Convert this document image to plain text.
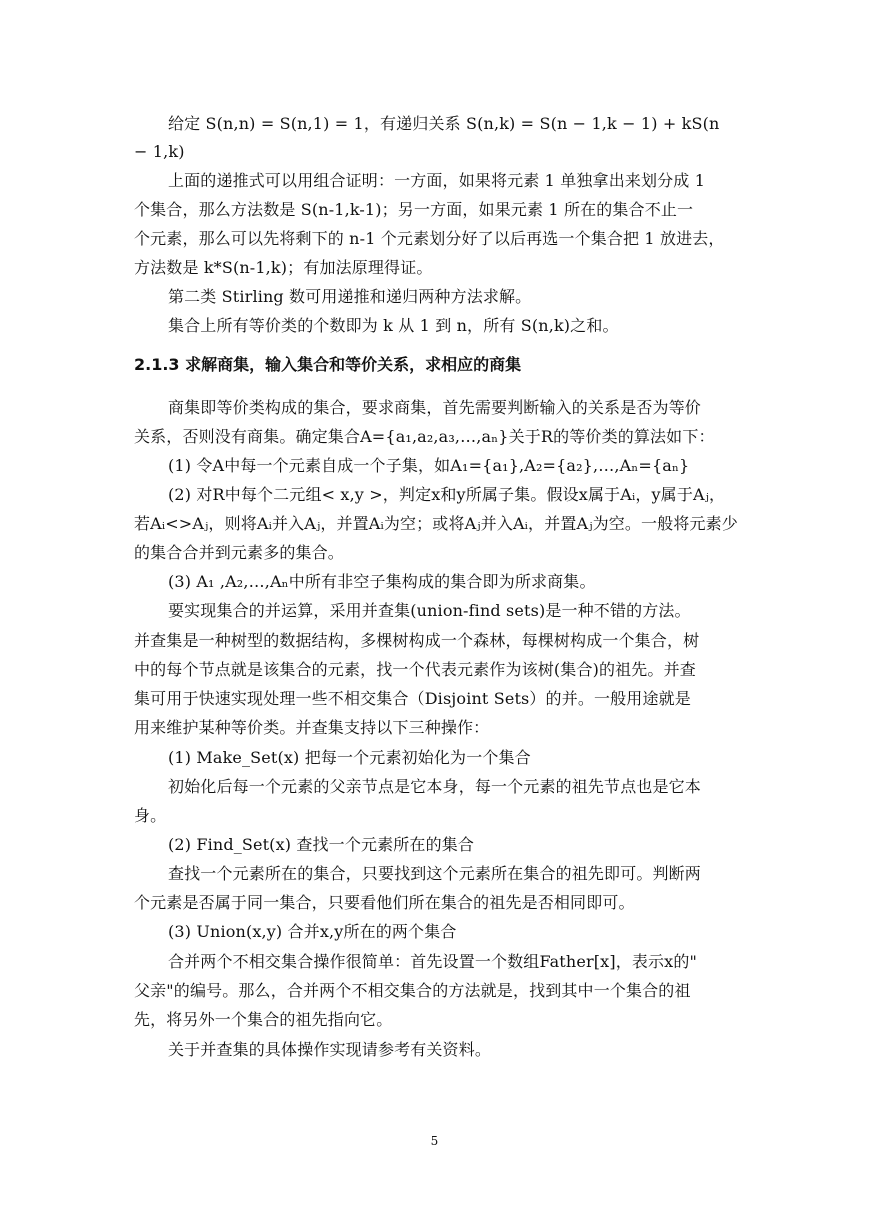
给定 S(n,n) = S(n,1) = 1，有递归关系 S(n,k) = S(n − 1,k − 1) + kS(n
− 1,k)
上面的递推式可以用组合证明：一方面，如果将元素 1 单独拿出来划分成 1
个集合，那么方法数是 S(n-1,k-1)；另一方面，如果元素 1 所在的集合不止一
个元素，那么可以先将剩下的 n-1 个元素划分好了以后再选一个集合把 1 放进去，
方法数是 k*S(n-1,k)；有加法原理得证。
第二类 Stirling 数可用递推和递归两种方法求解。
集合上所有等价类的个数即为 k 从 1 到 n，所有 S(n,k)之和。
2.1.3 求解商集，输入集合和等价关系，求相应的商集
商集即等价类构成的集合，要求商集，首先需要判断输入的关系是否为等价
关系，否则没有商集。确定集合A={a₁,a₂,a₃,…,aₙ}关于R的等价类的算法如下：
(1) 令A中每一个元素自成一个子集，如A₁={a₁},A₂={a₂},…,Aₙ={aₙ}
(2) 对R中每个二元组< x,y >，判定x和y所属子集。假设x属于Aᵢ，y属于Aⱼ，
若Aᵢ<>Aⱼ，则将Aᵢ并入Aⱼ，并置Aᵢ为空；或将Aⱼ并入Aᵢ，并置Aⱼ为空。一般将元素少
的集合合并到元素多的集合。
(3) A₁ ,A₂,…,Aₙ中所有非空子集构成的集合即为所求商集。
要实现集合的并运算，采用并查集(union-find sets)是一种不错的方法。
并查集是一种树型的数据结构，多棵树构成一个森林，每棵树构成一个集合，树
中的每个节点就是该集合的元素，找一个代表元素作为该树(集合)的祖先。并查
集可用于快速实现处理一些不相交集合（Disjoint Sets）的并。一般用途就是
用来维护某种等价类。并查集支持以下三种操作：
(1) Make_Set(x) 把每一个元素初始化为一个集合
初始化后每一个元素的父亲节点是它本身，每一个元素的祖先节点也是它本
身。
(2) Find_Set(x) 查找一个元素所在的集合
查找一个元素所在的集合，只要找到这个元素所在集合的祖先即可。判断两
个元素是否属于同一集合，只要看他们所在集合的祖先是否相同即可。
(3) Union(x,y) 合并x,y所在的两个集合
合并两个不相交集合操作很简单：首先设置一个数组Father[x]，表示x的"
父亲"的编号。那么，合并两个不相交集合的方法就是，找到其中一个集合的祖
先，将另外一个集合的祖先指向它。
关于并查集的具体操作实现请参考有关资料。
5
